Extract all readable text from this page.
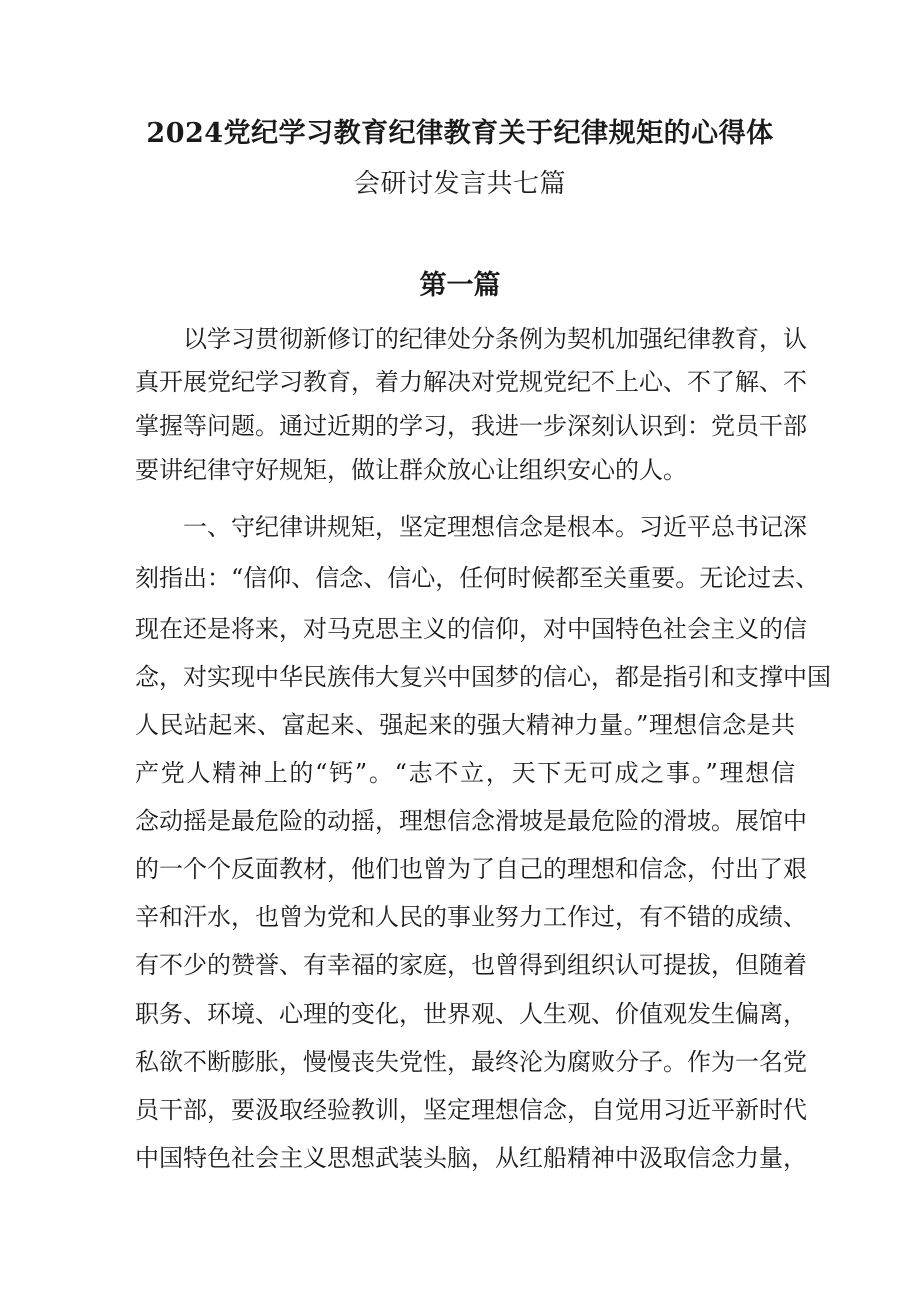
2024党纪学习教育纪律教育关于纪律规矩的心得体
会研讨发言共七篇
第一篇
以学习贯彻新修订的纪律处分条例为契机加强纪律教育，认
真开展党纪学习教育，着力解决对党规党纪不上心、不了解、不
掌握等问题。通过近期的学习，我进一步深刻认识到：党员干部
要讲纪律守好规矩，做让群众放心让组织安心的人。
一、守纪律讲规矩，坚定理想信念是根本。习近平总书记深
刻指出：“信仰、信念、信心，任何时候都至关重要。无论过去、
现在还是将来，对马克思主义的信仰，对中国特色社会主义的信
念，对实现中华民族伟大复兴中国梦的信心，都是指引和支撑中国
人民站起来、富起来、强起来的强大精神力量。”理想信念是共
产党人精神上的“钙”。“志不立，天下无可成之事。”理想信
念动摇是最危险的动摇，理想信念滑坡是最危险的滑坡。展馆中
的一个个反面教材，他们也曾为了自己的理想和信念，付出了艰
辛和汗水，也曾为党和人民的事业努力工作过，有不错的成绩、
有不少的赞誉、有幸福的家庭，也曾得到组织认可提拔，但随着
职务、环境、心理的变化，世界观、人生观、价值观发生偏离，
私欲不断膨胀，慢慢丧失党性，最终沦为腐败分子。作为一名党
员干部，要汲取经验教训，坚定理想信念，自觉用习近平新时代
中国特色社会主义思想武装头脑，从红船精神中汲取信念力量，
